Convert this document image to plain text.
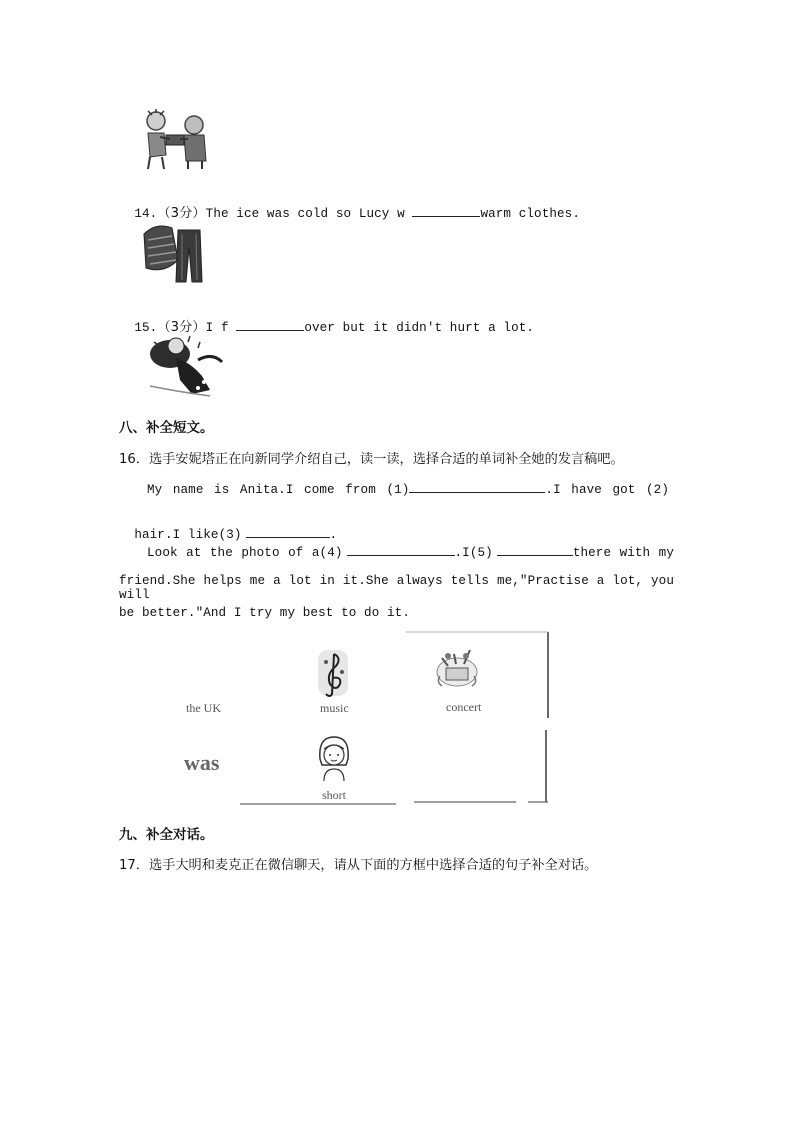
14.（3分）The ice was cold so Lucy w	warm clothes.

15.（3分）I f	over but it didn't hurt a lot.

八、补全短文。
16．选手安妮塔正在向新同学介绍自己，读一读，选择合适的单词补全她的发言稿吧。
My name is Anita.I come from (1)	.I have got (2)

hair.I like(3)	.

Look at the photo of a(4)	.I(5)	there with my
friend.She helps me a lot in it.She always tells me,"Practise a lot, you will
be better."And I try my best to do it.
the UK	music	concert
was
short
九、补全对话。
17．选手大明和麦克正在微信聊天，请从下面的方框中选择合适的句子补全对话。
